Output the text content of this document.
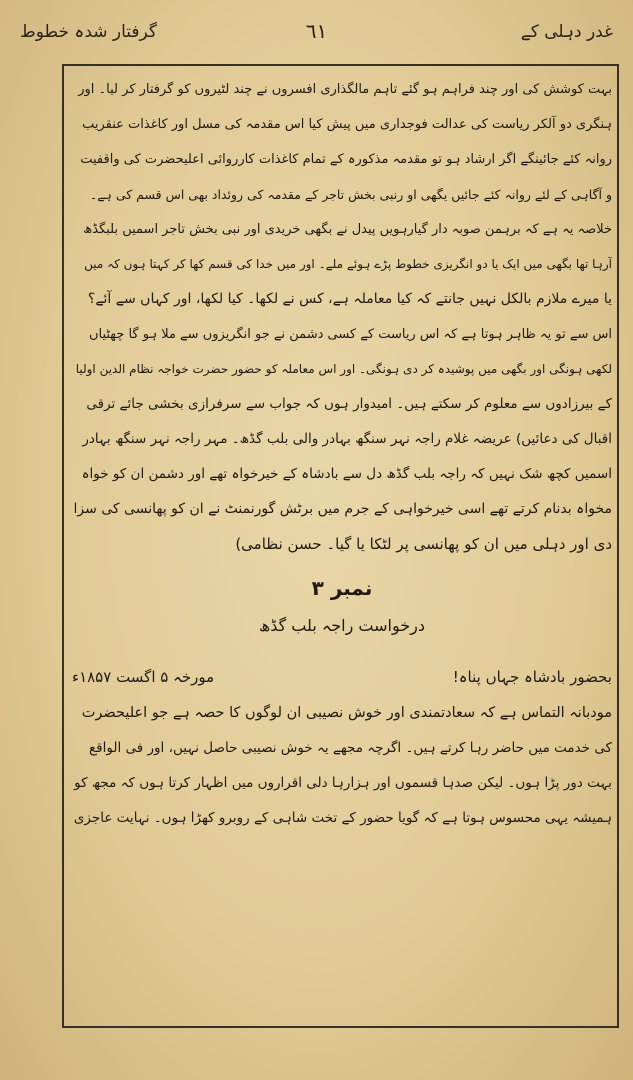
غدر دہلی کے
٦١
گرفتار شدہ خطوط
بہت کوشش کی اور چند فراہم ہو گئے تاہم مالگذاری افسروں نے چند لٹیروں کو گرفتار کر لیا۔ اور
ہنگری دو آلکر ریاست کی عدالت فوجداری میں پیش کیا اس مقدمہ کی مسل اور کاغذات عنقریب
روانہ کئے جائینگے اگر ارشاد ہو تو مقدمہ مذکورہ کے تمام کاغذات کارروائی اعلیحضرت کی واقفیت
و آگاہی کے لئے روانہ کئے جائیں یگھی او رنبی بخش تاجر کے مقدمہ کی روئداد بھی اس قسم کی ہے۔
خلاصہ یہ ہے کہ برہمن صوبہ دار گیارہویں پیدل نے بگھی خریدی اور نبی بخش تاجر اسمیں بلبگڈھ
آرہا تھا بگھی میں ایک یا دو انگریزی خطوط پڑے ہوئے ملے۔ اور میں خدا کی قسم کھا کر کہتا ہوں کہ میں
یا میرے ملازم بالکل نہیں جانتے کہ کیا معاملہ ہے، کس نے لکھا۔ کیا لکھا، اور کہاں سے آئے؟
اس سے تو یہ ظاہر ہوتا ہے کہ اس ریاست کے کسی دشمن نے جو انگریزوں سے ملا ہو گا چھٹیاں
لکھی ہونگی اور بگھی میں پوشیدہ کر دی ہونگی۔ اور اس معاملہ کو حضور حضرت خواجہ نظام الدین اولیا
کے بیرزادوں سے معلوم کر سکتے ہیں۔ امیدوار ہوں کہ جواب سے سرفرازی بخشی جائے ترقی
اقبال کی دعائیں) عریضہ غلام راجہ نہر سنگھ بہادر والی بلب گڈھ۔ مہر راجہ نہر سنگھ بہادر
اسمیں کچھ شک نہیں کہ راجہ بلب گڈھ دل سے بادشاہ کے خیرخواہ تھے اور دشمن ان کو خواہ
مخواہ بدنام کرتے تھے اسی خیرخواہی کے جرم میں برٹش گورنمنٹ نے ان کو پھانسی کی سزا
دی اور دہلی میں ان کو پھانسی پر لٹکا یا گیا۔ حسن نظامی)
نمبر ۳
درخواست راجہ بلب گڈھ
بحضور بادشاہ جہاں پناہ!
مورخہ ۵ اگست ۱۸۵۷ء
مودبانہ التماس ہے کہ سعادتمندی اور خوش نصیبی ان لوگوں کا حصہ ہے جو اعلیحضرت
کی خدمت میں حاضر رہا کرتے ہیں۔ اگرچہ مجھے یہ خوش نصیبی حاصل نہیں، اور فی الواقع
بہت دور پڑا ہوں۔ لیکن صدہا قسموں اور ہزارہا دلی اقراروں میں اظہار کرتا ہوں کہ مجھ کو
ہمیشہ یہی محسوس ہوتا ہے کہ گویا حضور کے تخت شاہی کے روبرو کھڑا ہوں۔ نہایت عاجزی
